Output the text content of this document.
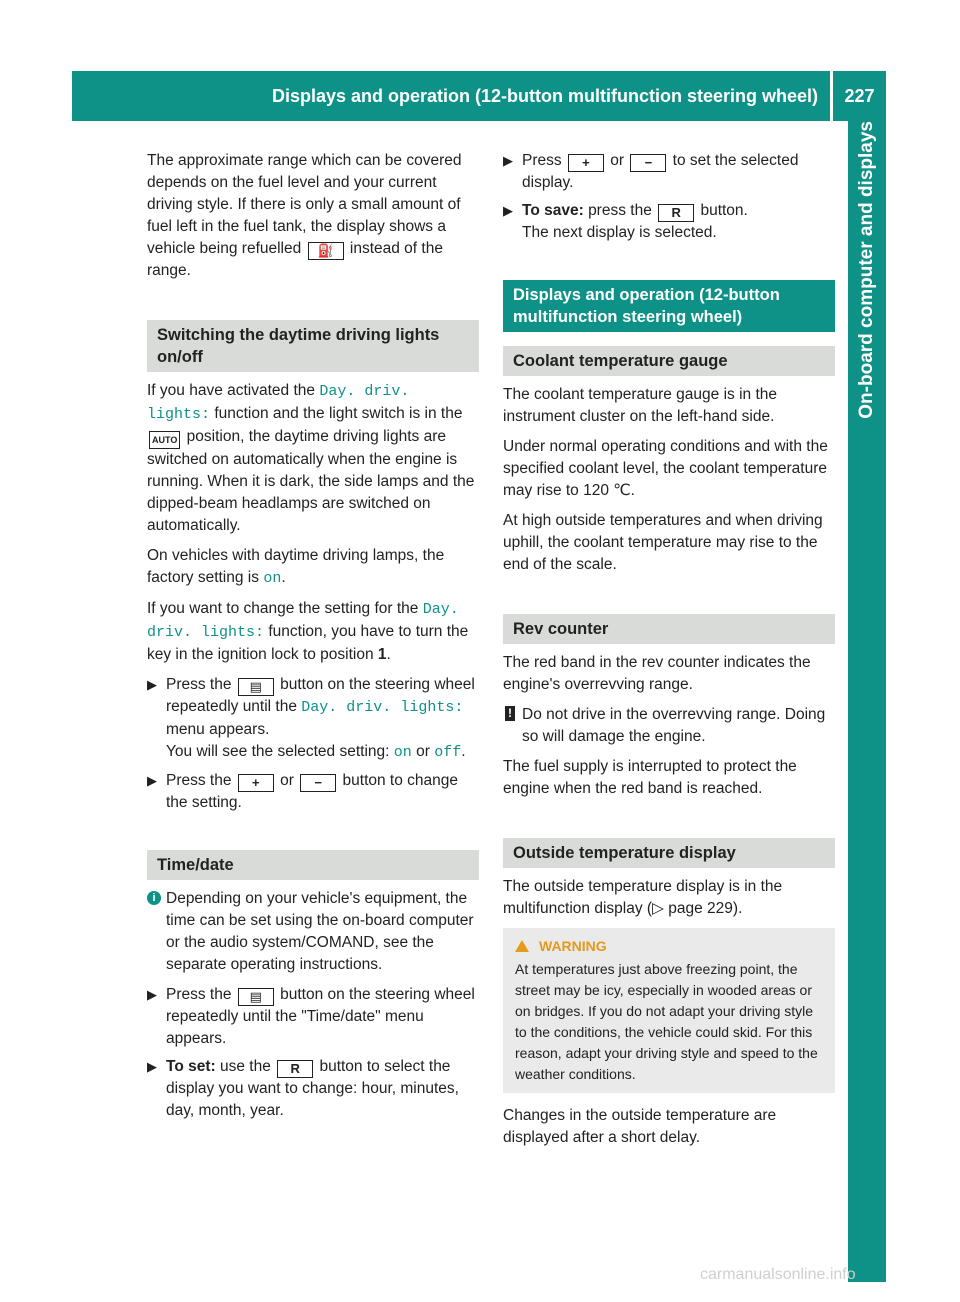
Displays and operation (12-button multifunction steering wheel)	227
On-board computer and displays

The approximate range which can be covered depends on the fuel level and your current driving style. If there is only a small amount of fuel left in the fuel tank, the display shows a vehicle being refuelled ⛽ instead of the range.

Switching the daytime driving lights on/off

If you have activated the Day. driv. lights: function and the light switch is in the AUTO position, the daytime driving lights are switched on automatically when the engine is running. When it is dark, the side lamps and the dipped-beam headlamps are switched on automatically.

On vehicles with daytime driving lamps, the factory setting is on.

If you want to change the setting for the Day. driv. lights: function, you have to turn the key in the ignition lock to position 1.

▶ Press the ▤ button on the steering wheel repeatedly until the Day. driv. lights: menu appears.
You will see the selected setting: on or off.
▶ Press the + or − button to change the setting.
Time/date
i Depending on your vehicle's equipment, the time can be set using the on-board computer or the audio system/COMAND, see the separate operating instructions.
▶ Press the ▤ button on the steering wheel repeatedly until the "Time/date" menu appears.
▶ To set: use the R button to select the display you want to change: hour, minutes, day, month, year.
▶ Press + or − to set the selected display.
▶ To save: press the R button.
The next display is selected.
Displays and operation (12-button multifunction steering wheel)
Coolant temperature gauge

The coolant temperature gauge is in the instrument cluster on the left-hand side.

Under normal operating conditions and with the specified coolant level, the coolant temperature may rise to 120 ℃.

At high outside temperatures and when driving uphill, the coolant temperature may rise to the end of the scale.

Rev counter

The red band in the rev counter indicates the engine's overrevving range.

! Do not drive in the overrevving range. Doing so will damage the engine.

The fuel supply is interrupted to protect the engine when the red band is reached.

Outside temperature display

The outside temperature display is in the multifunction display (▷ page 229).

WARNING
At temperatures just above freezing point, the street may be icy, especially in wooded areas or on bridges. If you do not adapt your driving style to the conditions, the vehicle could skid. For this reason, adapt your driving style and speed to the weather conditions.

Changes in the outside temperature are displayed after a short delay.

carmanualsonline.info
